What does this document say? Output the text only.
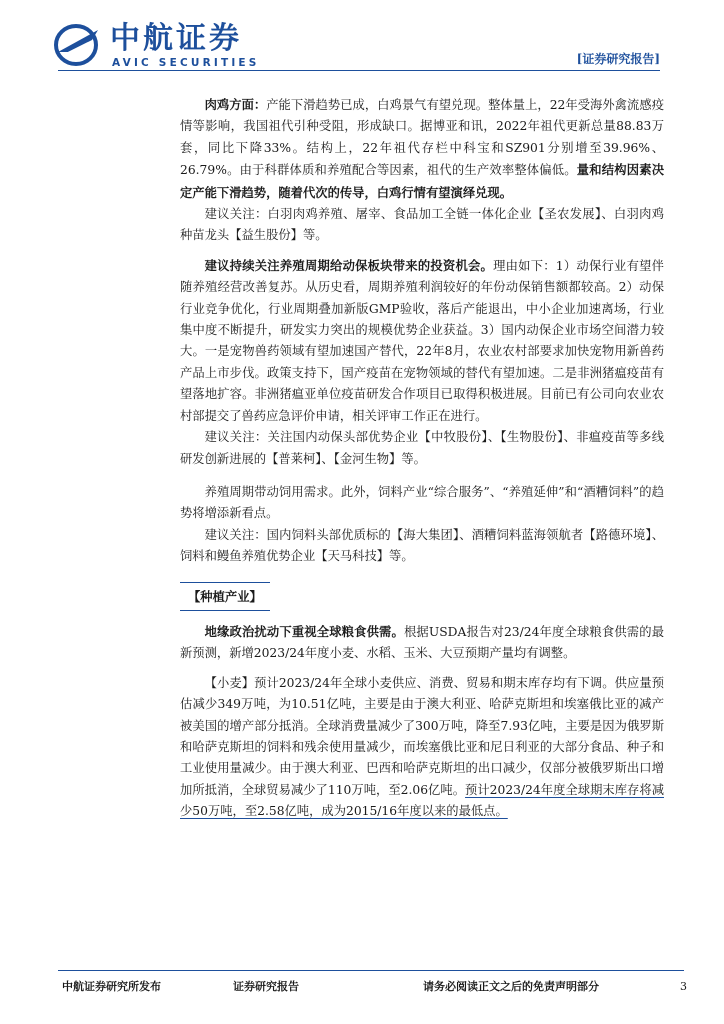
AVIC
中航证券
AVIC SECURITIES	[证券研究报告]

肉鸡方面：产能下滑趋势已成，白鸡景气有望兑现。整体量上，22年受海外禽流感疫情等影响，我国祖代引种受阻，形成缺口。据博亚和讯，2022年祖代更新总量88.83万套，同比下降33%。结构上，22年祖代存栏中科宝和SZ901分别增至39.96%、26.79%。由于科群体质和养殖配合等因素，祖代的生产效率整体偏低。量和结构因素决定产能下滑趋势，随着代次的传导，白鸡行情有望演绎兑现。

建议关注：白羽肉鸡养殖、屠宰、食品加工全链一体化企业【圣农发展】、白羽肉鸡种苗龙头【益生股份】等。

建议持续关注养殖周期给动保板块带来的投资机会。理由如下：1）动保行业有望伴随养殖经营改善复苏。从历史看，周期养殖利润较好的年份动保销售额都较高。2）动保行业竞争优化，行业周期叠加新版GMP验收，落后产能退出，中小企业加速离场，行业集中度不断提升，研发实力突出的规模优势企业获益。3）国内动保企业市场空间潜力较大。一是宠物兽药领域有望加速国产替代，22年8月，农业农村部要求加快宠物用新兽药产品上市步伐。政策支持下，国产疫苗在宠物领域的替代有望加速。二是非洲猪瘟疫苗有望落地扩容。非洲猪瘟亚单位疫苗研发合作项目已取得积极进展。目前已有公司向农业农村部提交了兽药应急评价申请，相关评审工作正在进行。

建议关注：关注国内动保头部优势企业【中牧股份】、【生物股份】、非瘟疫苗等多线研发创新进展的【普莱柯】、【金河生物】等。

养殖周期带动饲用需求。此外，饲料产业“综合服务”、“养殖延伸”和“酒糟饲料”的趋势将增添新看点。

建议关注：国内饲料头部优质标的【海大集团】、酒糟饲料蓝海领航者【路德环境】、饲料和鳗鱼养殖优势企业【天马科技】等。

【种植产业】

地缘政治扰动下重视全球粮食供需。根据USDA报告对23/24年度全球粮食供需的最新预测，新增2023/24年度小麦、水稻、玉米、大豆预期产量均有调整。

【小麦】预计2023/24年全球小麦供应、消费、贸易和期末库存均有下调。供应量预估减少349万吨，为10.51亿吨，主要是由于澳大利亚、哈萨克斯坦和埃塞俄比亚的减产被美国的增产部分抵消。全球消费量减少了300万吨，降至7.93亿吨，主要是因为俄罗斯和哈萨克斯坦的饲料和残余使用量减少，而埃塞俄比亚和尼日利亚的大部分食品、种子和工业使用量减少。由于澳大利亚、巴西和哈萨克斯坦的出口减少，仅部分被俄罗斯出口增加所抵消，全球贸易减少了110万吨，至2.06亿吨。预计2023/24年度全球期末库存将减少50万吨，至2.58亿吨，成为2015/16年度以来的最低点。

中航证券研究所发布	证券研究报告	请务必阅读正文之后的免责声明部分	3
